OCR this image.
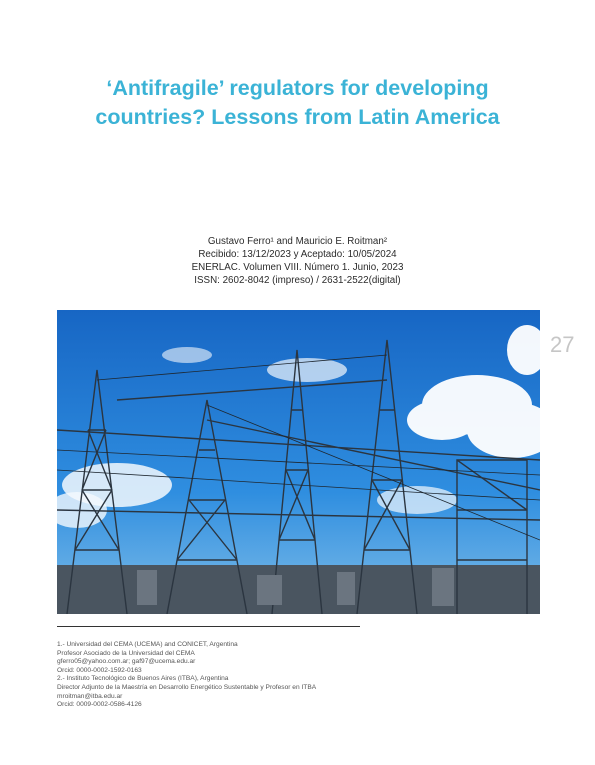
‘Antifragile’ regulators for developing
countries? Lessons from Latin America
Gustavo Ferro¹ and Mauricio E. Roitman²
Recibido: 13/12/2023 y Aceptado: 10/05/2024
ENERLAC. Volumen VIII. Número 1. Junio, 2023
ISSN: 2602-8042 (impreso) / 2631-2522(digital)
27
1.- Universidad del CEMA (UCEMA) and CONICET, Argentina
Profesor Asociado de la Universidad del CEMA
gferro05@yahoo.com.ar; gaf97@ucema.edu.ar
Orcid: 0000-0002-1592-0163
2.- Instituto Tecnológico de Buenos Aires (ITBA), Argentina
Director Adjunto de la Maestría en Desarrollo Energético Sustentable y Profesor en ITBA
mroitman@itba.edu.ar
Orcid: 0009-0002-0586-4126
